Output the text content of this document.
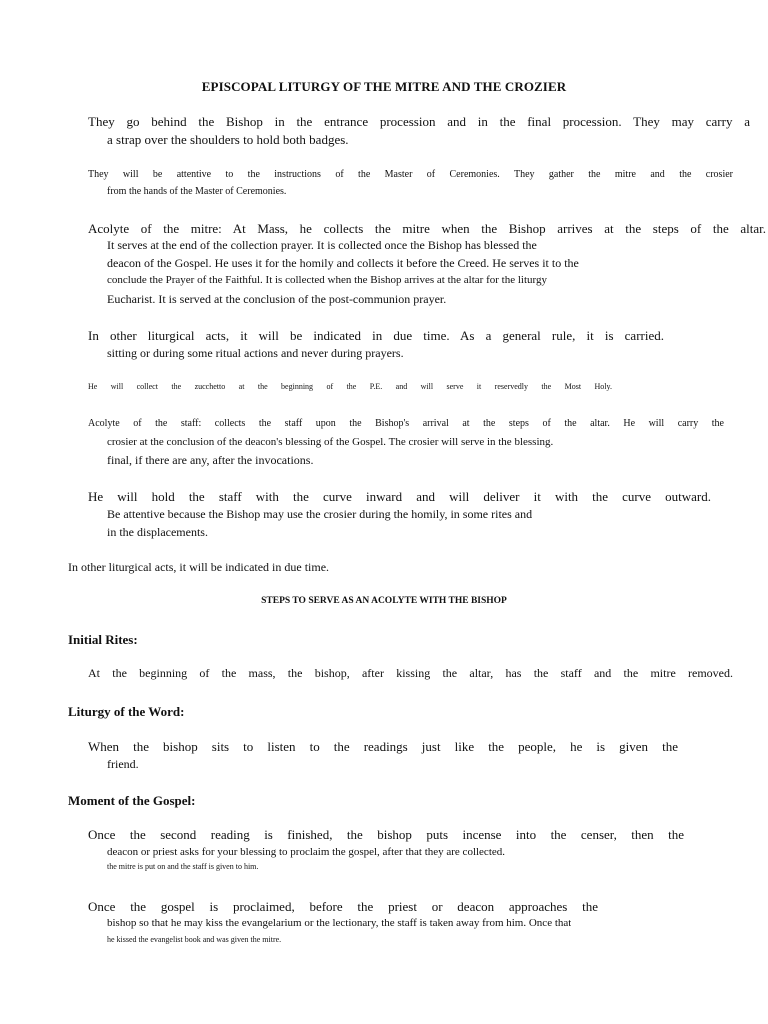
EPISCOPAL LITURGY OF THE MITRE AND THE CROZIER
They go behind the Bishop in the entrance procession and in the final procession. They may carry a
a strap over the shoulders to hold both badges.
They will be attentive to the instructions of the Master of Ceremonies. They gather the mitre and the crosier
from the hands of the Master of Ceremonies.
Acolyte of the mitre: At Mass, he collects the mitre when the Bishop arrives at the steps of the altar.
It serves at the end of the collection prayer. It is collected once the Bishop has blessed the
deacon of the Gospel. He uses it for the homily and collects it before the Creed. He serves it to the
conclude the Prayer of the Faithful. It is collected when the Bishop arrives at the altar for the liturgy
Eucharist. It is served at the conclusion of the post-communion prayer.
In other liturgical acts, it will be indicated in due time. As a general rule, it is carried.
sitting or during some ritual actions and never during prayers.
He will collect the zucchetto at the beginning of the P.E. and will serve it reservedly the Most Holy.
Acolyte of the staff: collects the staff upon the Bishop's arrival at the steps of the altar. He will carry the
crosier at the conclusion of the deacon's blessing of the Gospel. The crosier will serve in the blessing.
final, if there are any, after the invocations.
He will hold the staff with the curve inward and will deliver it with the curve outward.
Be attentive because the Bishop may use the crosier during the homily, in some rites and
in the displacements.
In other liturgical acts, it will be indicated in due time.
STEPS TO SERVE AS AN ACOLYTE WITH THE BISHOP
Initial Rites:
At the beginning of the mass, the bishop, after kissing the altar, has the staff and the mitre removed.
Liturgy of the Word:
When the bishop sits to listen to the readings just like the people, he is given the
friend.
Moment of the Gospel:
Once the second reading is finished, the bishop puts incense into the censer, then the
deacon or priest asks for your blessing to proclaim the gospel, after that they are collected.
the mitre is put on and the staff is given to him.
Once the gospel is proclaimed, before the priest or deacon approaches the
bishop so that he may kiss the evangelarium or the lectionary, the staff is taken away from him. Once that
he kissed the evangelist book and was given the mitre.
